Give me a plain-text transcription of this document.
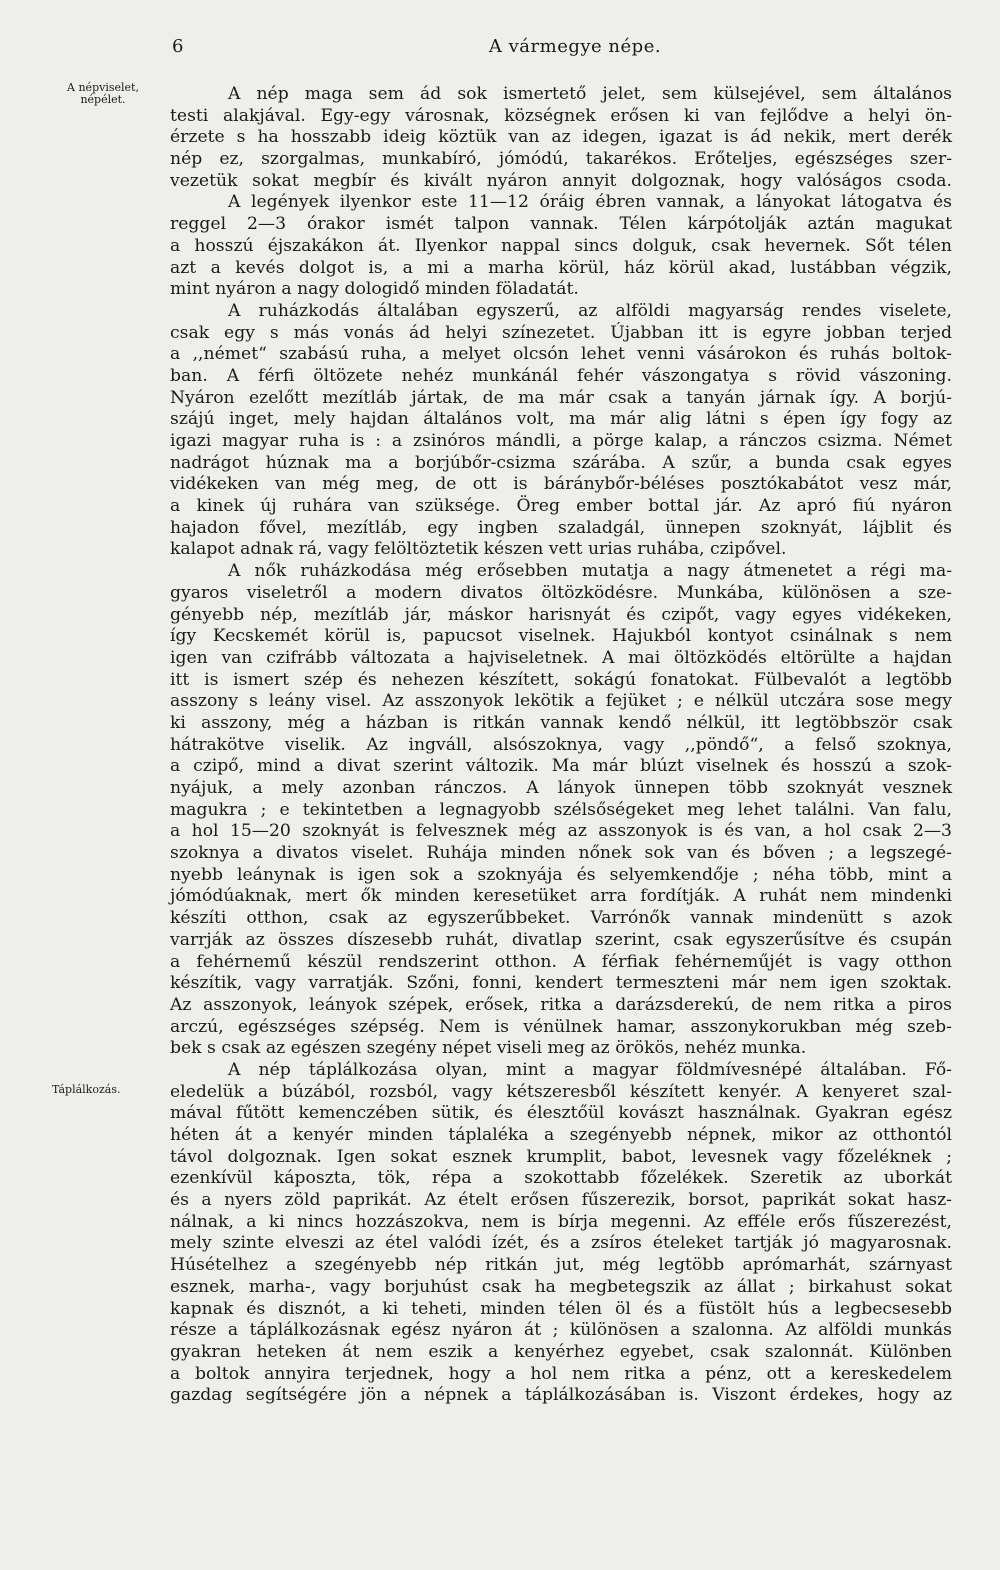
6	A vármegye népe.
A népviselet, népélet.
Táplálkozás.
A nép maga sem ád sok ismertető jelet, sem külsejével, sem általános
testi alakjával. Egy-egy városnak, községnek erősen ki van fejlődve a helyi ön-
érzete s ha hosszabb ideig köztük van az idegen, igazat is ád nekik, mert derék
nép ez, szorgalmas, munkabíró, jómódú, takarékos. Erőteljes, egészséges szer-
vezetük sokat megbír és kivált nyáron annyit dolgoznak, hogy valóságos csoda.
A legények ilyenkor este 11—12 óráig ébren vannak, a lányokat látogatva és
reggel 2—3 órakor ismét talpon vannak. Télen kárpótolják aztán magukat
a hosszú éjszakákon át. Ilyenkor nappal sincs dolguk, csak hevernek. Sőt télen
azt a kevés dolgot is, a mi a marha körül, ház körül akad, lustábban végzik,
mint nyáron a nagy dologidő minden föladatát.
A ruházkodás általában egyszerű, az alföldi magyarság rendes viselete,
csak egy s más vonás ád helyi színezetet. Újabban itt is egyre jobban terjed
a ,,német“ szabású ruha, a melyet olcsón lehet venni vásárokon és ruhás boltok-
ban. A férfi öltözete nehéz munkánál fehér vászongatya s rövid vászoning.
Nyáron ezelőtt mezítláb jártak, de ma már csak a tanyán járnak így. A borjú-
szájú inget, mely hajdan általános volt, ma már alig látni s épen így fogy az
igazi magyar ruha is : a zsinóros mándli, a pörge kalap, a ránczos csizma. Német
nadrágot húznak ma a borjúbőr-csizma szárába. A szűr, a bunda csak egyes
vidékeken van még meg, de ott is báránybőr-béléses posztókabátot vesz már,
a kinek új ruhára van szüksége. Öreg ember bottal jár. Az apró fiú nyáron
hajadon fővel, mezítláb, egy ingben szaladgál, ünnepen szoknyát, lájblit és
kalapot adnak rá, vagy felöltöztetik készen vett urias ruhába, czipővel.
A nők ruházkodása még erősebben mutatja a nagy átmenetet a régi ma-
gyaros viseletről a modern divatos öltözködésre. Munkába, különösen a sze-
gényebb nép, mezítláb jár, máskor harisnyát és czipőt, vagy egyes vidékeken,
így Kecskemét körül is, papucsot viselnek. Hajukból kontyot csinálnak s nem
igen van czifrább változata a hajviseletnek. A mai öltözködés eltörülte a hajdan
itt is ismert szép és nehezen készített, sokágú fonatokat. Fülbevalót a legtöbb
asszony s leány visel. Az asszonyok lekötik a fejüket ; e nélkül utczára sose megy
ki asszony, még a házban is ritkán vannak kendő nélkül, itt legtöbbször csak
hátrakötve viselik. Az ingváll, alsószoknya, vagy ,,pöndő“, a felső szoknya,
a czipő, mind a divat szerint változik. Ma már blúzt viselnek és hosszú a szok-
nyájuk, a mely azonban ránczos. A lányok ünnepen több szoknyát vesznek
magukra ; e tekintetben a legnagyobb szélsőségeket meg lehet találni. Van falu,
a hol 15—20 szoknyát is felvesznek még az asszonyok is és van, a hol csak 2—3
szoknya a divatos viselet. Ruhája minden nőnek sok van és bőven ; a legszegé-
nyebb leánynak is igen sok a szoknyája és selyemkendője ; néha több, mint a
jómódúaknak, mert ők minden keresetüket arra fordítják. A ruhát nem mindenki
készíti otthon, csak az egyszerűbbeket. Varrónők vannak mindenütt s azok
varrják az összes díszesebb ruhát, divatlap szerint, csak egyszerűsítve és csupán
a fehérnemű készül rendszerint otthon. A férfiak fehérneműjét is vagy otthon
készítik, vagy varratják. Szőni, fonni, kendert termeszteni már nem igen szoktak.
Az asszonyok, leányok szépek, erősek, ritka a darázsderekú, de nem ritka a piros
arczú, egészséges szépség. Nem is vénülnek hamar, asszonykorukban még szeb-
bek s csak az egészen szegény népet viseli meg az örökös, nehéz munka.
A nép táplálkozása olyan, mint a magyar földmívesnépé általában. Fő-
eledelük a búzából, rozsból, vagy kétszeresből készített kenyér. A kenyeret szal-
mával fűtött kemenczében sütik, és élesztőül kovászt használnak. Gyakran egész
héten át a kenyér minden táplaléka a szegényebb népnek, mikor az otthontól
távol dolgoznak. Igen sokat esznek krumplit, babot, levesnek vagy főzeléknek ;
ezenkívül káposzta, tök, répa a szokottabb főzelékek. Szeretik az uborkát
és a nyers zöld paprikát. Az ételt erősen fűszerezik, borsot, paprikát sokat hasz-
nálnak, a ki nincs hozzászokva, nem is bírja megenni. Az efféle erős fűszerezést,
mely szinte elveszi az étel valódi ízét, és a zsíros ételeket tartják jó magyarosnak.
Húsételhez a szegényebb nép ritkán jut, még legtöbb aprómarhát, szárnyast
esznek, marha-, vagy borjuhúst csak ha megbetegszik az állat ; birkahust sokat
kapnak és disznót, a ki teheti, minden télen öl és a füstölt hús a legbecsesebb
része a táplálkozásnak egész nyáron át ; különösen a szalonna. Az alföldi munkás
gyakran heteken át nem eszik a kenyérhez egyebet, csak szalonnát. Különben
a boltok annyira terjednek, hogy a hol nem ritka a pénz, ott a kereskedelem
gazdag segítségére jön a népnek a táplálkozásában is. Viszont érdekes, hogy az
